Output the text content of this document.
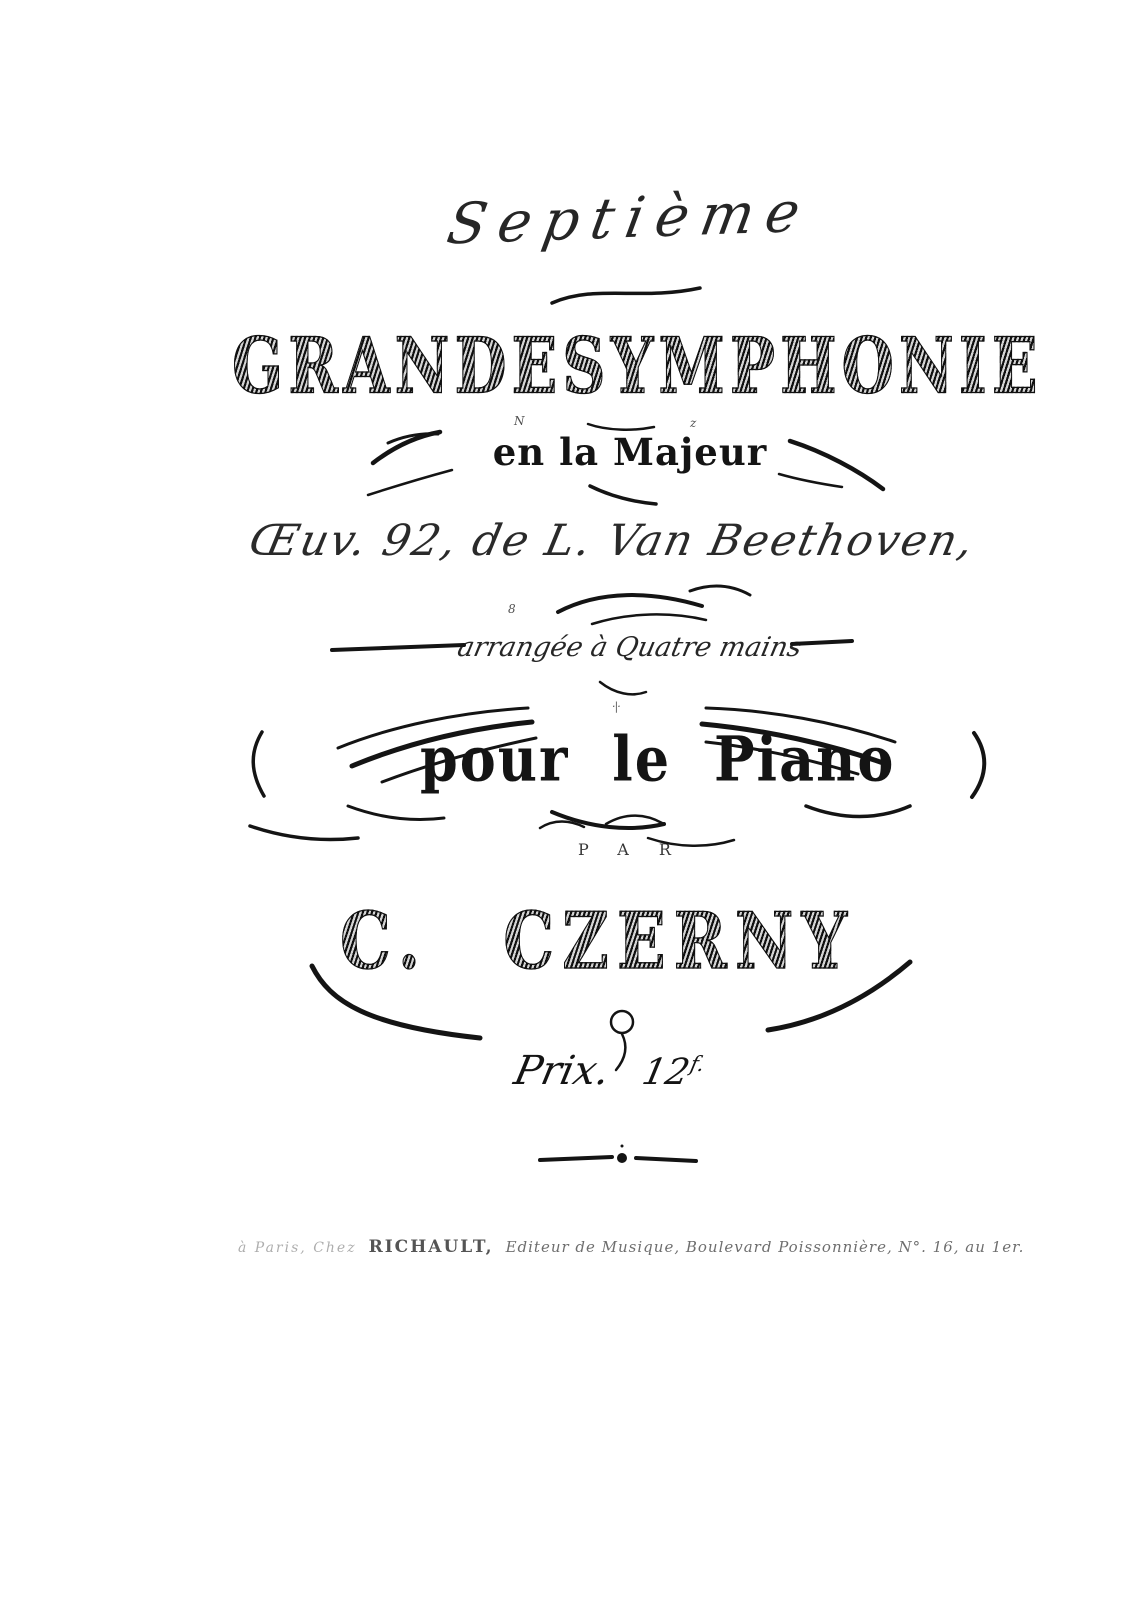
Septième
GRANDE SYMPHONIE
en la Majeur
Œuv. 92, de L. Van Beethoven,
arrangée à Quatre mains
pour le Piano
PAR
C. CZERNY
Prix. $12^{f.}$
à Paris, Chez RICHAULT, Editeur de Musique, Boulevard Poissonnière, N°. 16, au 1er.
N	z
8
·|·
